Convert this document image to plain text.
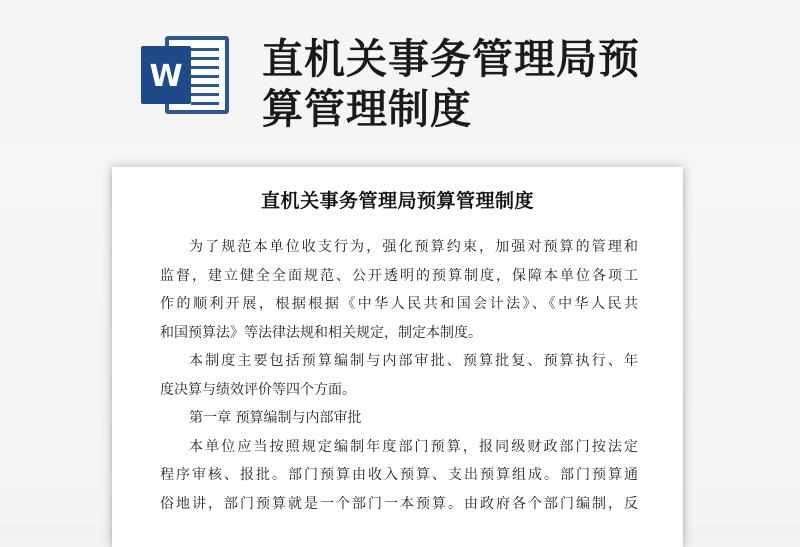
W 直机关事务管理局预
算管理制度
直机关事务管理局预算管理制度
为了规范本单位收支行为，强化预算约束，加强对预算的管理和
监督，建立健全全面规范、公开透明的预算制度，保障本单位各项工
作的顺利开展，根据根据《中华人民共和国会计法》、《中华人民共
和国预算法》等法律法规和相关规定，制定本制度。
本制度主要包括预算编制与内部审批、预算批复、预算执行、年
度决算与绩效评价等四个方面。
第一章 预算编制与内部审批
本单位应当按照规定编制年度部门预算，报同级财政部门按法定
程序审核、报批。部门预算由收入预算、支出预算组成。部门预算通
俗地讲，部门预算就是一个部门一本预算。由政府各个部门编制，反
